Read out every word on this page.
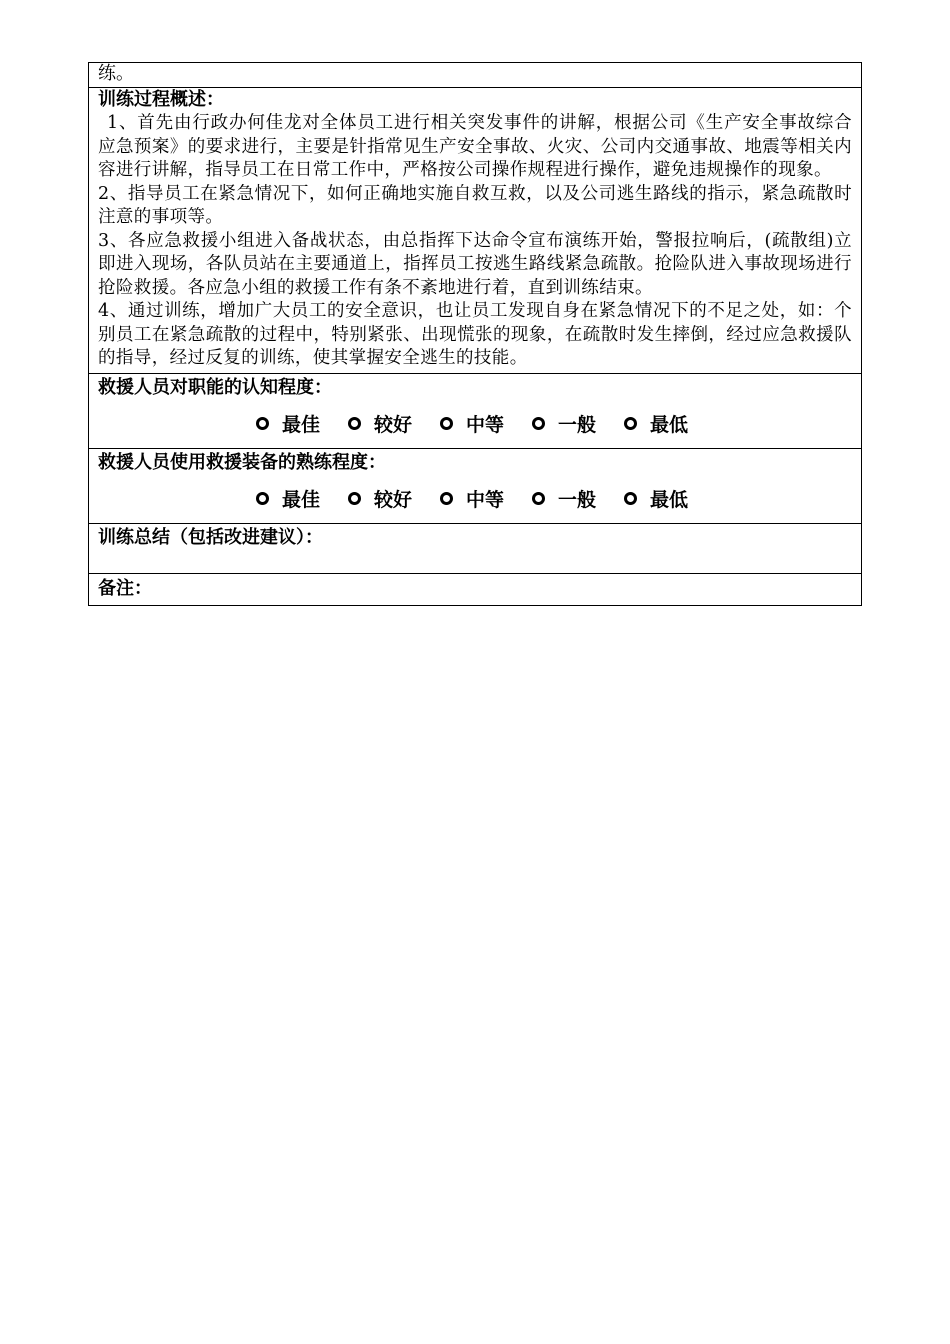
练。
训练过程概述：
1、首先由行政办何佳龙对全体员工进行相关突发事件的讲解，根据公司《生产安全事故综合应急预案》的要求进行，主要是针指常见生产安全事故、火灾、公司内交通事故、地震等相关内容进行讲解，指导员工在日常工作中，严格按公司操作规程进行操作，避免违规操作的现象。
2、指导员工在紧急情况下，如何正确地实施自救互救，以及公司逃生路线的指示，紧急疏散时注意的事项等。
3、各应急救援小组进入备战状态，由总指挥下达命令宣布演练开始，警报拉响后，(疏散组)立即进入现场，各队员站在主要通道上，指挥员工按逃生路线紧急疏散。抢险队进入事故现场进行抢险救援。各应急小组的救援工作有条不紊地进行着，直到训练结束。
4、通过训练，增加广大员工的安全意识，也让员工发现自身在紧急情况下的不足之处，如：个别员工在紧急疏散的过程中，特别紧张、出现慌张的现象，在疏散时发生摔倒，经过应急救援队的指导，经过反复的训练，使其掌握安全逃生的技能。
救援人员对职能的认知程度：
最佳	较好	中等	一般	最低
救援人员使用救援装备的熟练程度：
最佳	较好	中等	一般	最低
训练总结（包括改进建议）：
备注：
